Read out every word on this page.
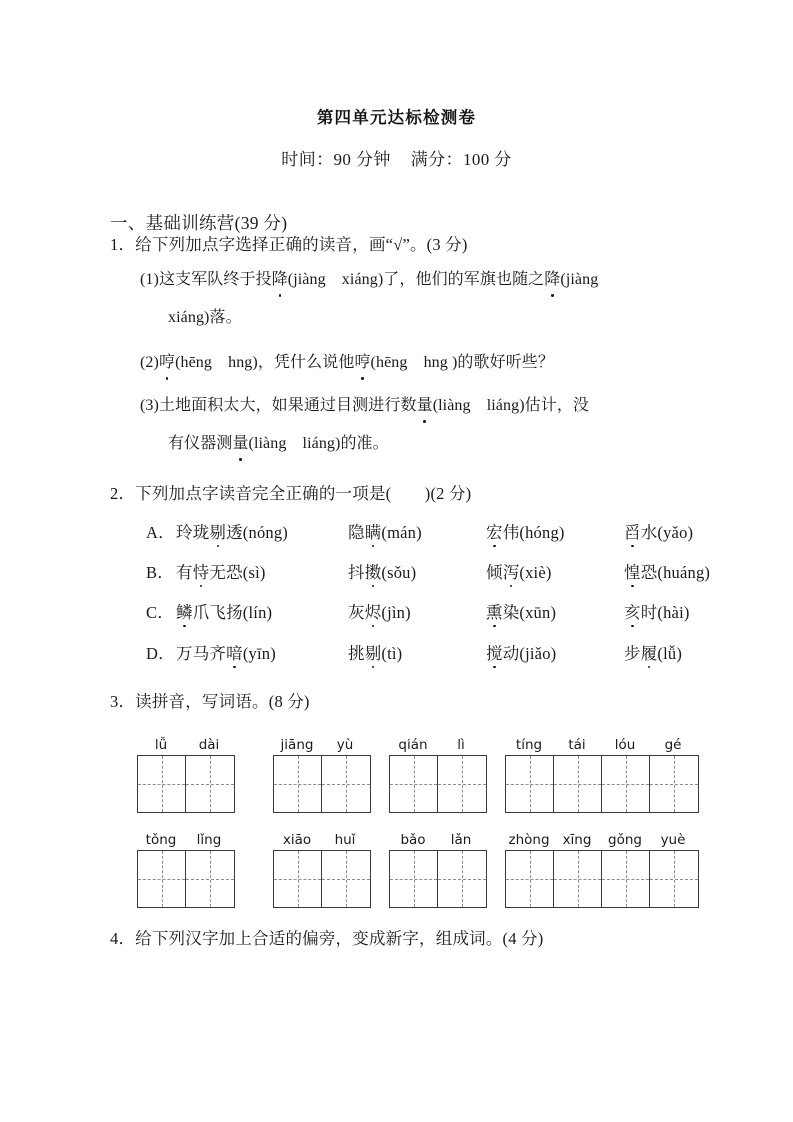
第四单元达标检测卷
时间：90 分钟 满分：100 分
一、基础训练营(39 分)
1．给下列加点字选择正确的读音，画“√”。(3 分)
(1)这支军队终于投降(jiàng　xiáng)了，他们的军旗也随之降(jiàng
xiáng)落。
(2)哼(hēng　hng)，凭什么说他哼(hēng　hng )的歌好听些？
(3)土地面积太大，如果通过目测进行数量(liàng　liáng)估计，没
有仪器测量(liàng　liáng)的准。
2．下列加点字读音完全正确的一项是(　　)(2 分)
A．玲珑剔透(nóng)	隐瞒(mán)	宏伟(hóng)	舀水(yǎo)
B． 有恃无恐(sì)	抖擞(sǒu)	倾泻(xiè)	惶恐(huáng)
C． 鳞爪飞扬(lín)	灰烬(jìn)	熏染(xūn)	亥时(hài)
D．万马齐喑(yīn)	挑剔(tì)	搅动(jiǎo)	步履(lǚ)
3．读拼音，写词语。(8 分)
lǚ	dài	jiāng	yù	qián	lì	tíng	tái	lóu	gé
tǒng	lǐng	xiāo	huǐ	bǎo	lǎn	zhòng xīng	gǒng	yuè
4．给下列汉字加上合适的偏旁，变成新字，组成词。(4 分)
